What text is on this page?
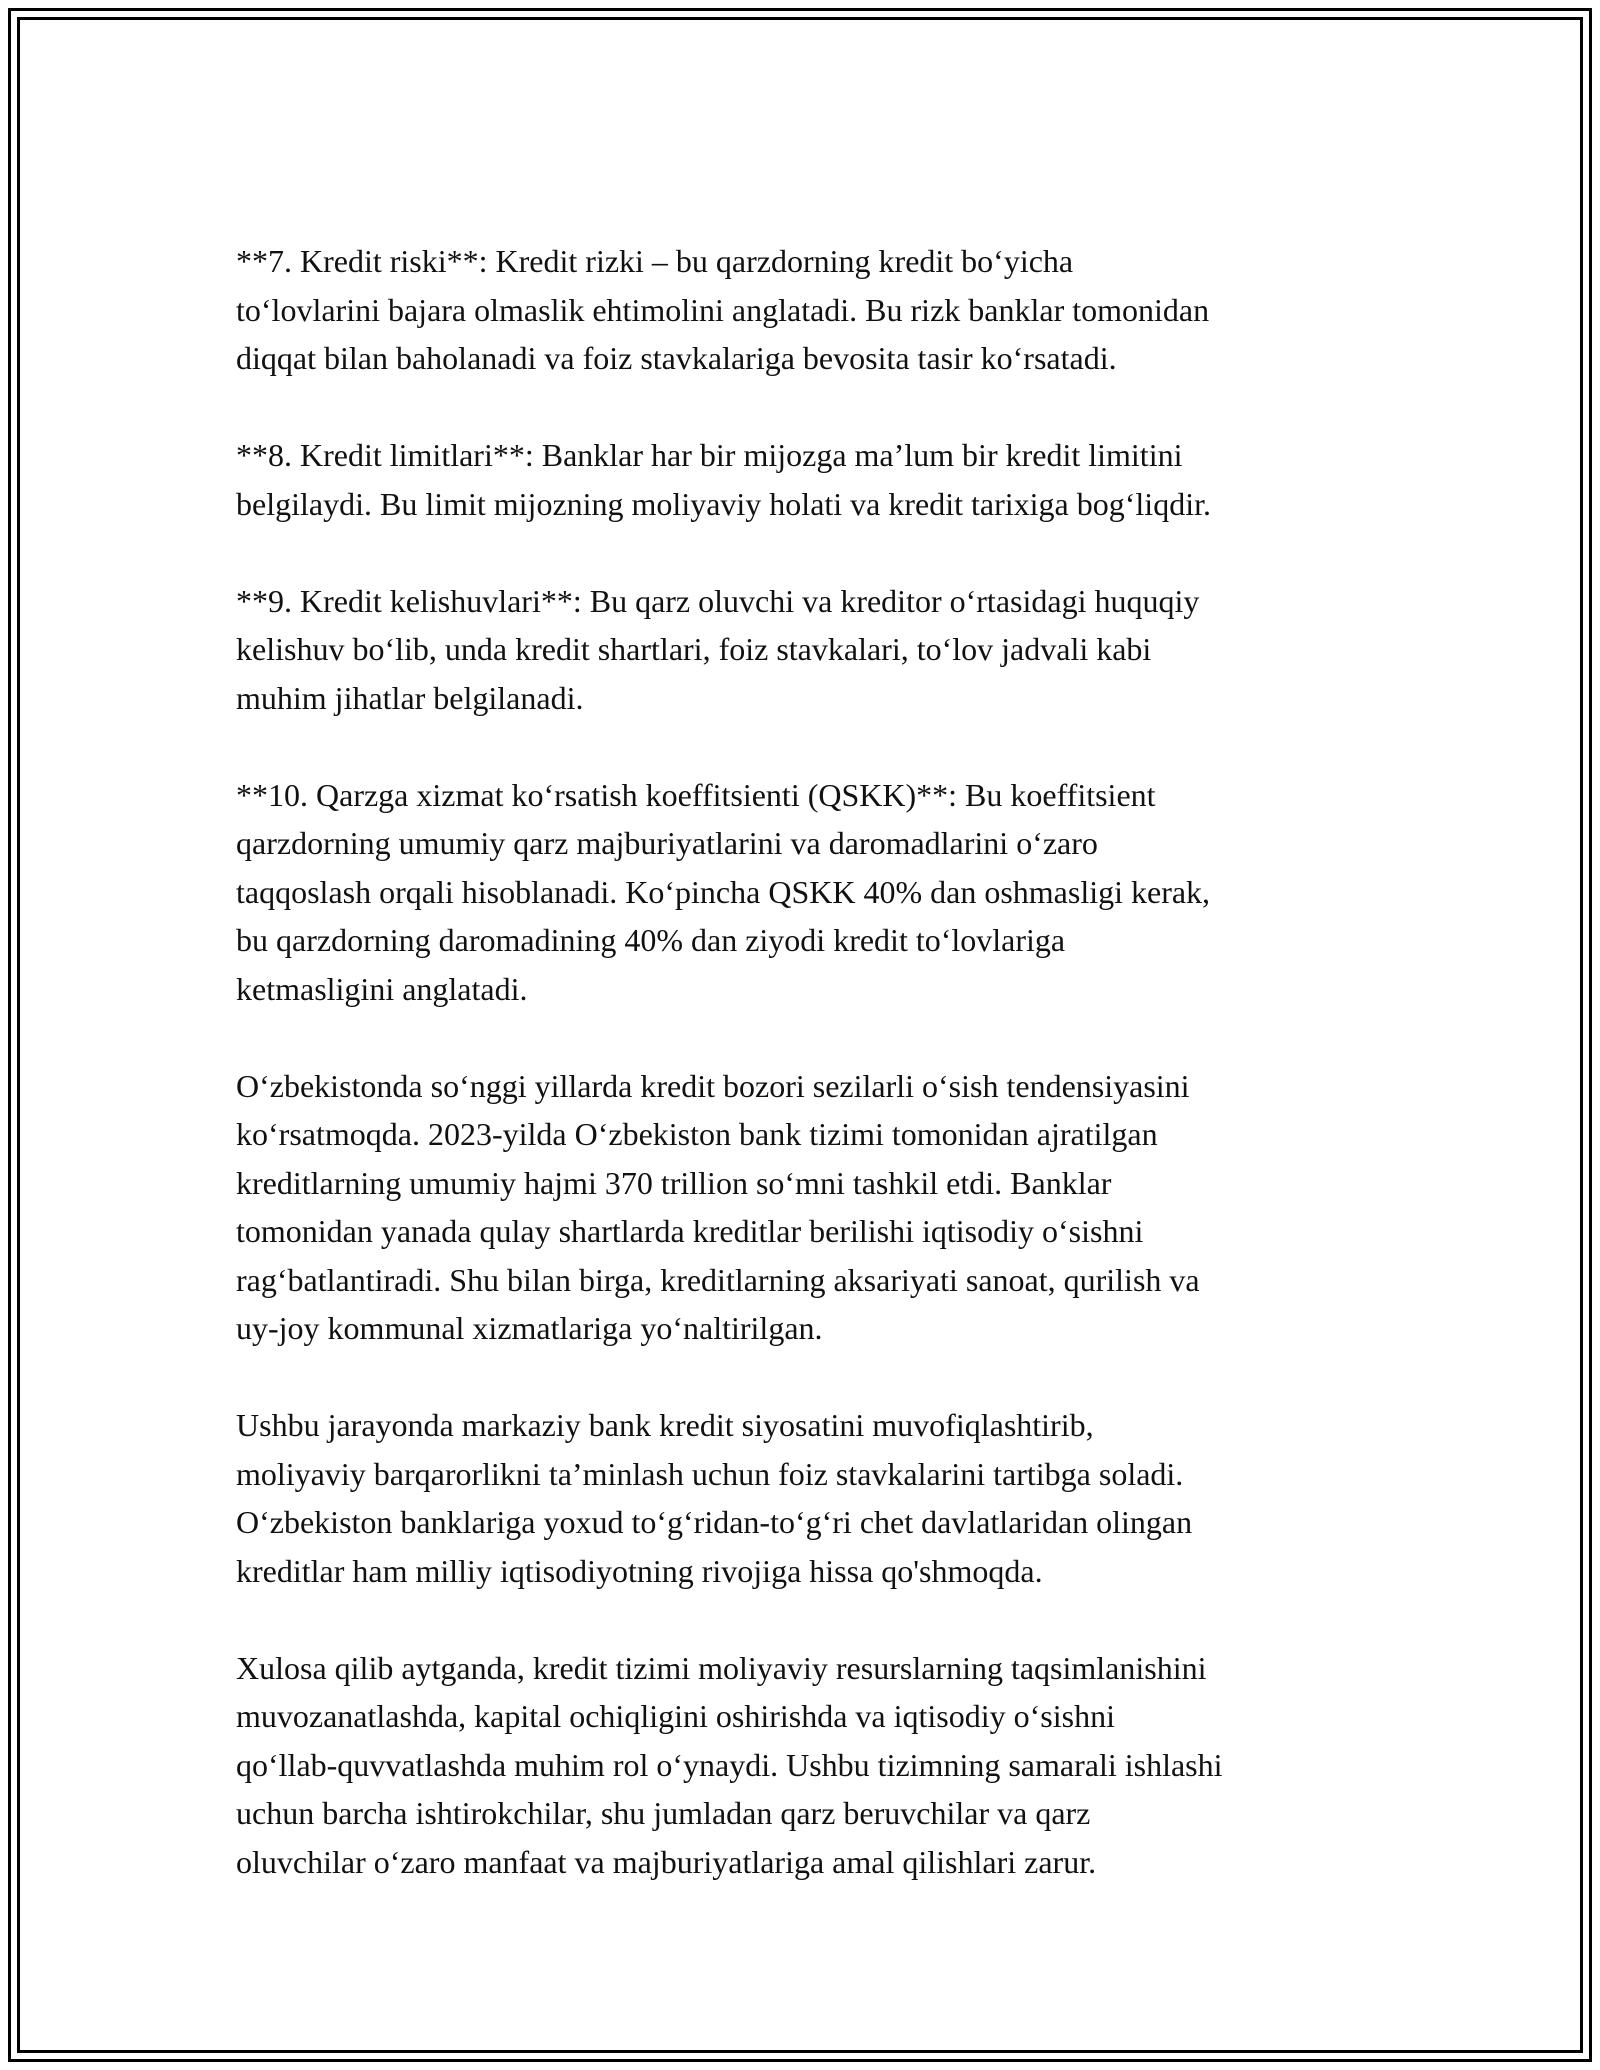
**7. Kredit riski**: Kredit rizki – bu qarzdorning kredit bo‘yicha
to‘lovlarini bajara olmaslik ehtimolini anglatadi. Bu rizk banklar tomonidan
diqqat bilan baholanadi va foiz stavkalariga bevosita tasir ko‘rsatadi.

**8. Kredit limitlari**: Banklar har bir mijozga ma’lum bir kredit limitini
belgilaydi. Bu limit mijozning moliyaviy holati va kredit tarixiga bog‘liqdir.

**9. Kredit kelishuvlari**: Bu qarz oluvchi va kreditor o‘rtasidagi huquqiy
kelishuv bo‘lib, unda kredit shartlari, foiz stavkalari, to‘lov jadvali kabi
muhim jihatlar belgilanadi.

**10. Qarzga xizmat ko‘rsatish koeffitsienti (QSKK)**: Bu koeffitsient
qarzdorning umumiy qarz majburiyatlarini va daromadlarini o‘zaro
taqqoslash orqali hisoblanadi. Ko‘pincha QSKK 40% dan oshmasligi kerak,
bu qarzdorning daromadining 40% dan ziyodi kredit to‘lovlariga
ketmasligini anglatadi.

O‘zbekistonda so‘nggi yillarda kredit bozori sezilarli o‘sish tendensiyasini
ko‘rsatmoqda. 2023-yilda O‘zbekiston bank tizimi tomonidan ajratilgan
kreditlarning umumiy hajmi 370 trillion so‘mni tashkil etdi. Banklar
tomonidan yanada qulay shartlarda kreditlar berilishi iqtisodiy o‘sishni
rag‘batlantiradi. Shu bilan birga, kreditlarning aksariyati sanoat, qurilish va
uy-joy kommunal xizmatlariga yo‘naltirilgan.

Ushbu jarayonda markaziy bank kredit siyosatini muvofiqlashtirib,
moliyaviy barqarorlikni ta’minlash uchun foiz stavkalarini tartibga soladi.
O‘zbekiston banklariga yoxud to‘g‘ridan-to‘g‘ri chet davlatlaridan olingan
kreditlar ham milliy iqtisodiyotning rivojiga hissa qo'shmoqda.

Xulosa qilib aytganda, kredit tizimi moliyaviy resurslarning taqsimlanishini
muvozanatlashda, kapital ochiqligini oshirishda va iqtisodiy o‘sishni
qo‘llab-quvvatlashda muhim rol o‘ynaydi. Ushbu tizimning samarali ishlashi
uchun barcha ishtirokchilar, shu jumladan qarz beruvchilar va qarz
oluvchilar o‘zaro manfaat va majburiyatlariga amal qilishlari zarur.
